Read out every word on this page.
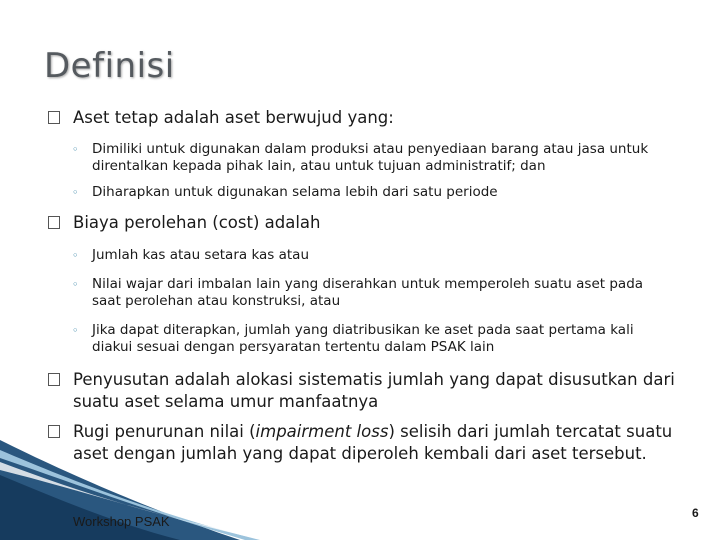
Definisi
Aset tetap adalah aset berwujud yang:
◦ Dimiliki untuk digunakan dalam produksi atau penyediaan barang atau jasa untuk direntalkan kepada pihak lain, atau untuk tujuan administratif; dan
◦ Diharapkan untuk digunakan selama lebih dari satu periode
Biaya perolehan (cost) adalah
◦ Jumlah kas atau setara kas atau
◦ Nilai wajar dari imbalan lain yang diserahkan untuk memperoleh suatu aset pada saat perolehan atau konstruksi, atau
◦ Jika dapat diterapkan, jumlah yang diatribusikan ke aset pada saat pertama kali diakui sesuai dengan persyaratan tertentu dalam PSAK lain
Penyusutan adalah alokasi sistematis jumlah yang dapat disusutkan dari suatu aset selama umur manfaatnya
Rugi penurunan nilai (impairment loss) selisih dari jumlah tercatat suatu aset dengan jumlah yang dapat diperoleh kembali dari aset tersebut.
Workshop PSAK
6
